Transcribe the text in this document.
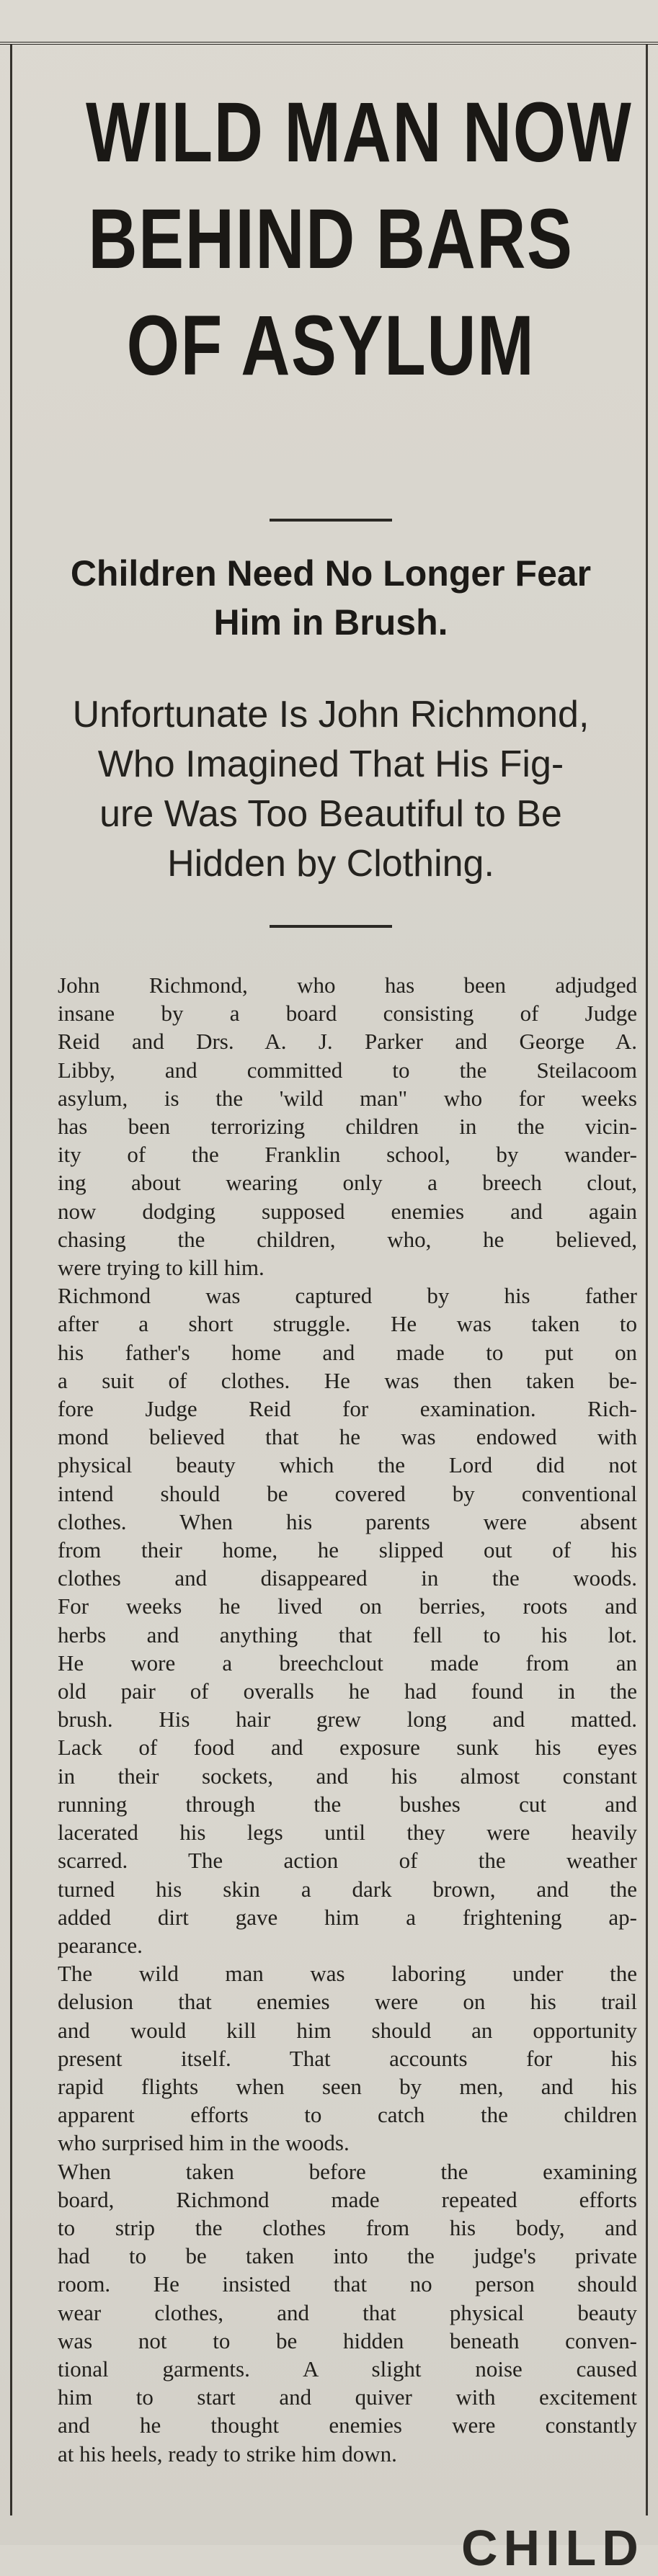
WILD MAN NOW
BEHIND BARS
OF ASYLUM
Children Need No Longer Fear
Him in Brush.
Unfortunate Is John Richmond,
Who Imagined That His Fig-
ure Was Too Beautiful to Be
Hidden by Clothing.

John Richmond, who has been adjudged
insane by a board consisting of Judge
Reid and Drs. A. J. Parker and George A.
Libby, and committed to the Steilacoom
asylum, is the 'wild man" who for weeks
has been terrorizing children in the vicin-
ity of the Franklin school, by wander-
ing about wearing only a breech clout,
now dodging supposed enemies and again
chasing the children, who, he believed,
were trying to kill him.

Richmond was captured by his father
after a short struggle. He was taken to
his father's home and made to put on
a suit of clothes. He was then taken be-
fore Judge Reid for examination. Rich-
mond believed that he was endowed with
physical beauty which the Lord did not
intend should be covered by conventional
clothes. When his parents were absent
from their home, he slipped out of his
clothes and disappeared in the woods.
For weeks he lived on berries, roots and
herbs and anything that fell to his lot.
He wore a breechclout made from an
old pair of overalls he had found in the
brush. His hair grew long and matted.
Lack of food and exposure sunk his eyes
in their sockets, and his almost constant
running through the bushes cut and
lacerated his legs until they were heavily
scarred. The action of the weather
turned his skin a dark brown, and the
added dirt gave him a frightening ap-
pearance.

The wild man was laboring under the
delusion that enemies were on his trail
and would kill him should an opportunity
present itself. That accounts for his
rapid flights when seen by men, and his
apparent efforts to catch the children
who surprised him in the woods.

When taken before the examining
board, Richmond made repeated efforts
to strip the clothes from his body, and
had to be taken into the judge's private
room. He insisted that no person should
wear clothes, and that physical beauty
was not to be hidden beneath conven-
tional garments. A slight noise caused
him to start and quiver with excitement
and he thought enemies were constantly
at his heels, ready to strike him down.

CHILD
